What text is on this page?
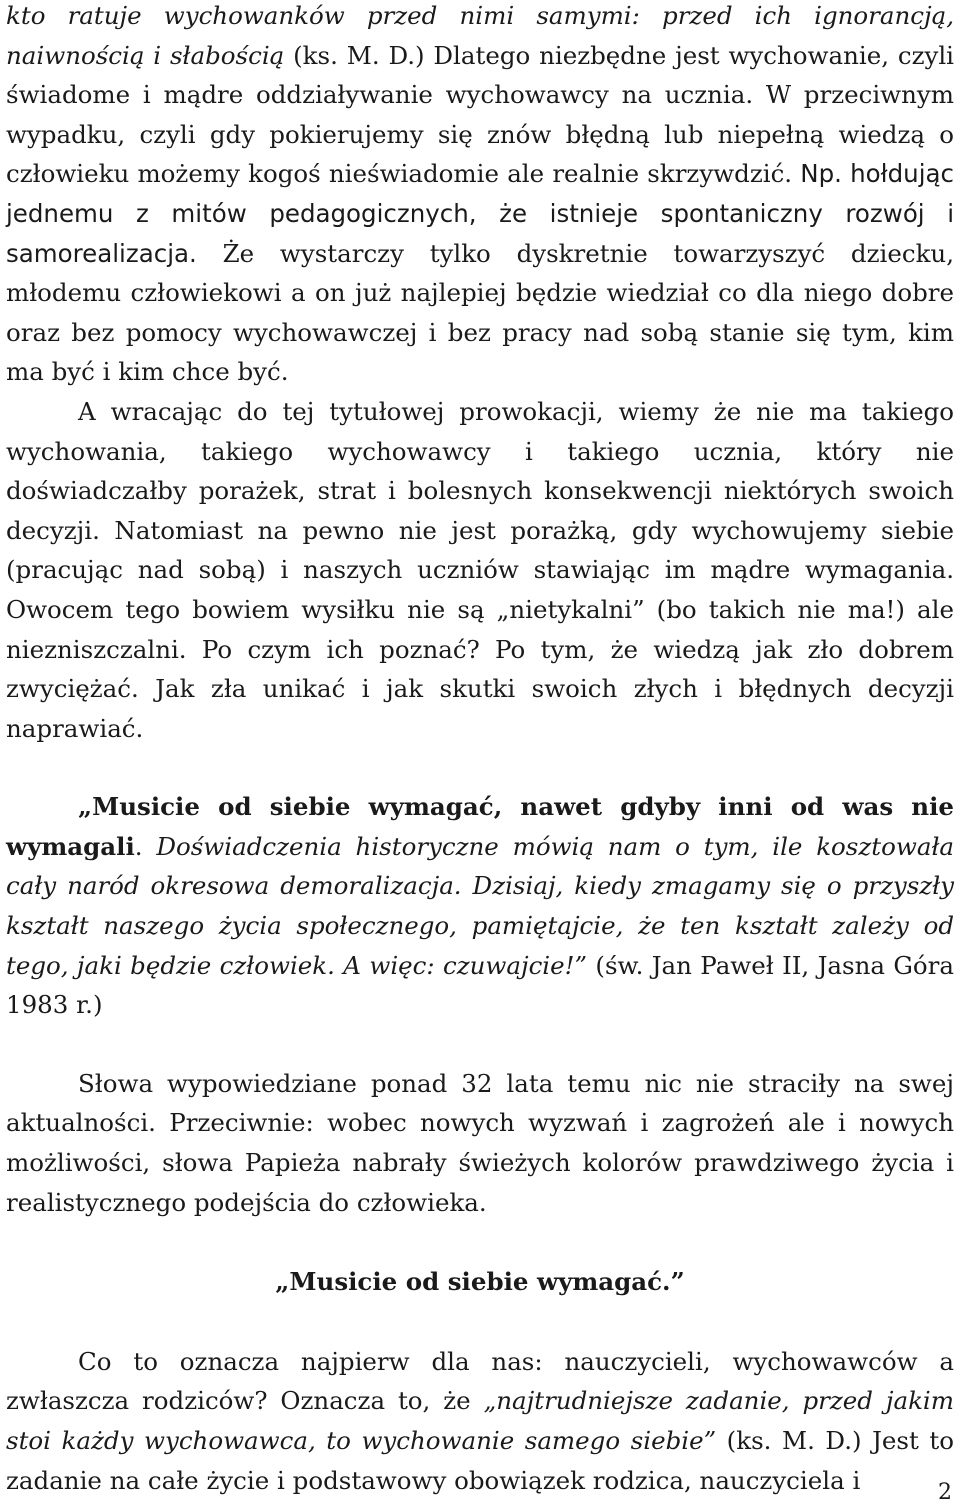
kto ratuje wychowanków przed nimi samymi: przed ich ignorancją, naiwnością i słabością (ks. M. D.) Dlatego niezbędne jest wychowanie, czyli świadome i mądre oddziaływanie wychowawcy na ucznia. W przeciwnym wypadku, czyli gdy pokierujemy się znów błędną lub niepełną wiedzą o człowieku możemy kogoś nieświadomie ale realnie skrzywdzić. Np. hołdując jednemu z mitów pedagogicznych, że istnieje spontaniczny rozwój i samorealizacja. Że wystarczy tylko dyskretnie towarzyszyć dziecku, młodemu człowiekowi a on już najlepiej będzie wiedział co dla niego dobre oraz bez pomocy wychowawczej i bez pracy nad sobą stanie się tym, kim ma być i kim chce być.

A wracając do tej tytułowej prowokacji, wiemy że nie ma takiego wychowania, takiego wychowawcy i takiego ucznia, który nie doświadczałby porażek, strat i bolesnych konsekwencji niektórych swoich decyzji. Natomiast na pewno nie jest porażką, gdy wychowujemy siebie (pracując nad sobą) i naszych uczniów stawiając im mądre wymagania. Owocem tego bowiem wysiłku nie są „nietykalni” (bo takich nie ma!) ale niezniszczalni. Po czym ich poznać? Po tym, że wiedzą jak zło dobrem zwyciężać. Jak zła unikać i jak skutki swoich złych i błędnych decyzji naprawiać.

„Musicie od siebie wymagać, nawet gdyby inni od was nie wymagali. Doświadczenia historyczne mówią nam o tym, ile kosztowała cały naród okresowa demoralizacja. Dzisiaj, kiedy zmagamy się o przyszły kształt naszego życia społecznego, pamiętajcie, że ten kształt zależy od tego, jaki będzie człowiek. A więc: czuwajcie!” (św. Jan Paweł II, Jasna Góra 1983 r.)

Słowa wypowiedziane ponad 32 lata temu nic nie straciły na swej aktualności. Przeciwnie: wobec nowych wyzwań i zagrożeń ale i nowych możliwości, słowa Papieża nabrały świeżych kolorów prawdziwego życia i realistycznego podejścia do człowieka.

„Musicie od siebie wymagać.”

Co to oznacza najpierw dla nas: nauczycieli, wychowawców a zwłaszcza rodziców? Oznacza to, że „najtrudniejsze zadanie, przed jakim stoi każdy wychowawca, to wychowanie samego siebie” (ks. M. D.) Jest to zadanie na całe życie i podstawowy obowiązek rodzica, nauczyciela i	2
